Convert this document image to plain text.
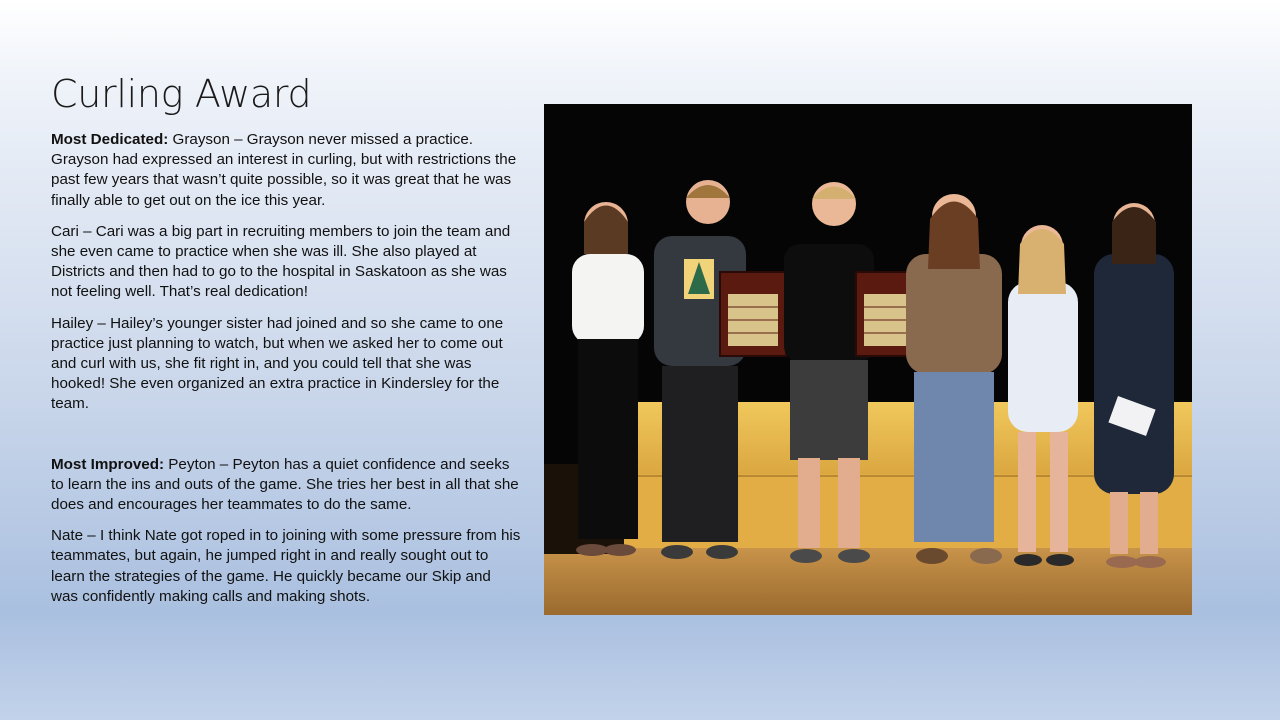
Curling Award

Most Dedicated: Grayson – Grayson never missed a practice. Grayson had expressed an interest in curling, but with restrictions the past few years that wasn’t quite possible, so it was great that he was finally able to get out on the ice this year.

Cari – Cari was a big part in recruiting members to join the team and she even came to practice when she was ill. She also played at Districts and then had to go to the hospital in Saskatoon as she was not feeling well. That’s real dedication!

Hailey – Hailey’s younger sister had joined and so she came to one practice just planning to watch, but when we asked her to come out and curl with us, she fit right in, and you could tell that she was hooked! She even organized an extra practice in Kindersley for the team.

Most Improved: Peyton – Peyton has a quiet confidence and seeks to learn the ins and outs of the game. She tries her best in all that she does and encourages her teammates to do the same.

Nate – I think Nate got roped in to joining with some pressure from his teammates, but again, he jumped right in and really sought out to learn the strategies of the game. He quickly became our Skip and was confidently making calls and making shots.
